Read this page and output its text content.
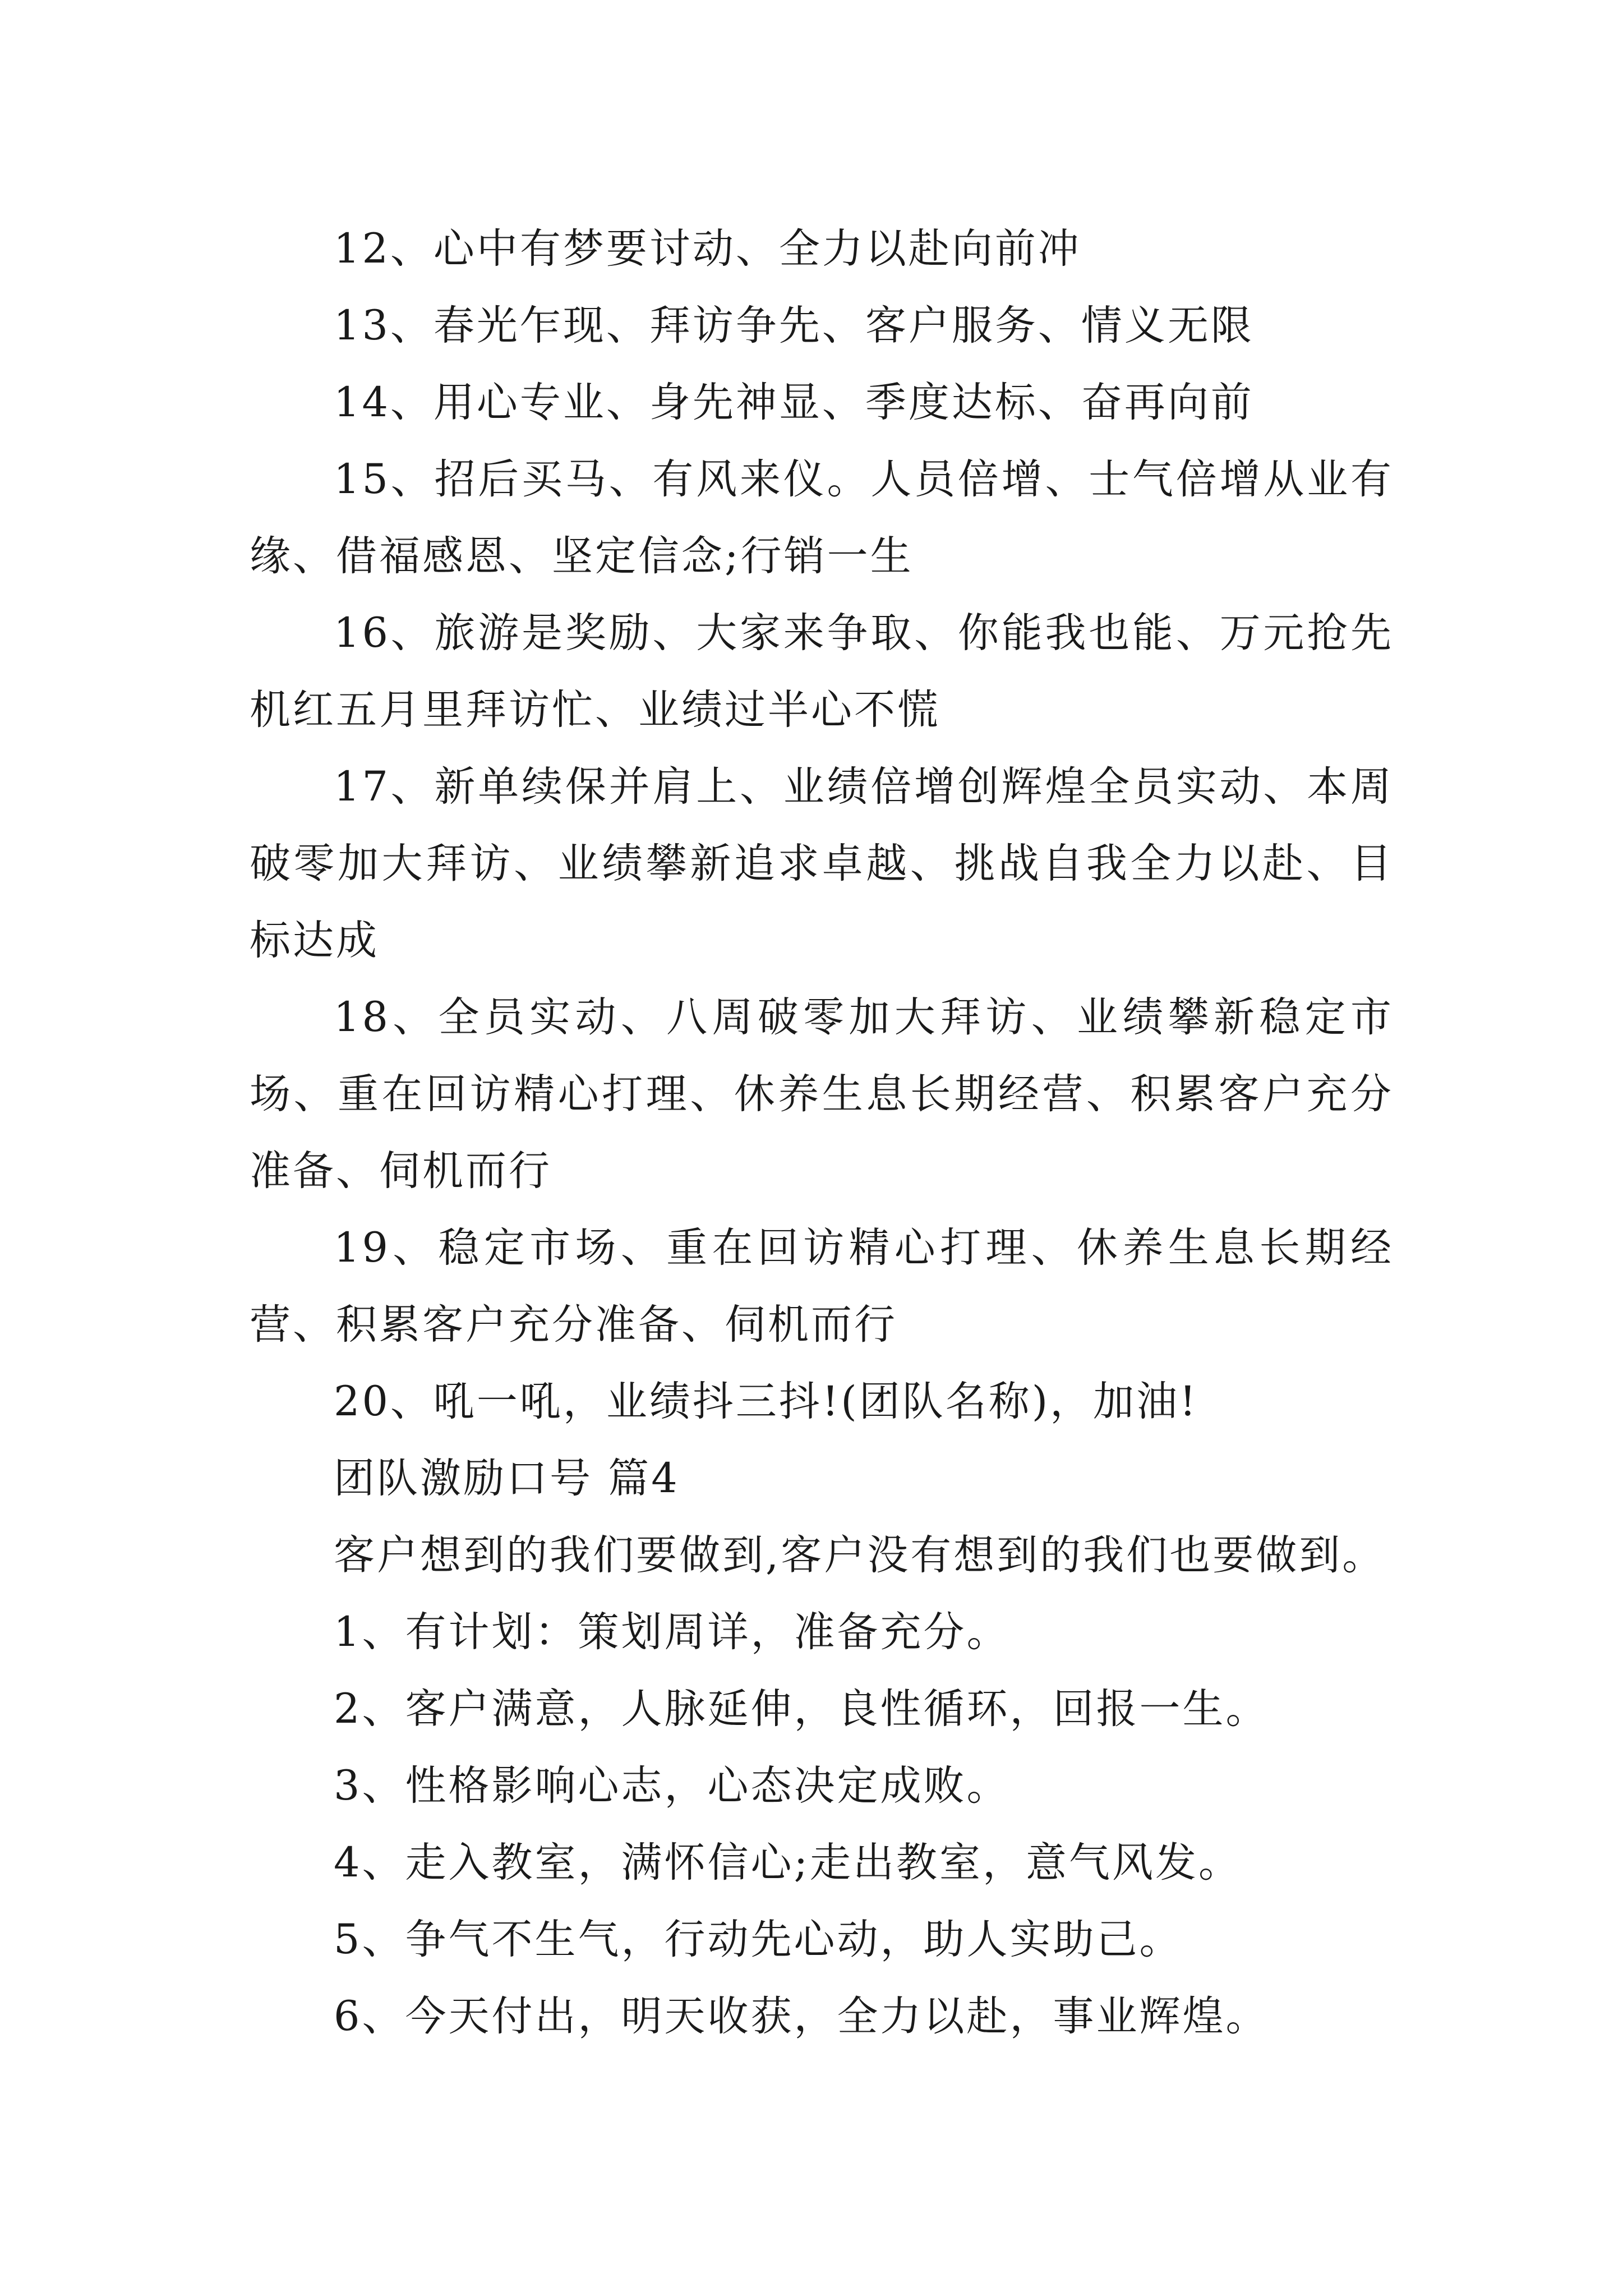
12、心中有梦要讨动、全力以赴向前冲

13、春光乍现、拜访争先、客户服务、情义无限

14、用心专业、身先神显、季度达标、奋再向前

15、招后买马、有风来仪。人员倍增、士气倍增从业有缘、借福感恩、坚定信念;行销一生

16、旅游是奖励、大家来争取、你能我也能、万元抢先机红五月里拜访忙、业绩过半心不慌

17、新单续保并肩上、业绩倍增创辉煌全员实动、本周破零加大拜访、业绩攀新追求卓越、挑战自我全力以赴、目标达成

18、全员实动、八周破零加大拜访、业绩攀新稳定市场、重在回访精心打理、休养生息长期经营、积累客户充分准备、伺机而行

19、稳定市场、重在回访精心打理、休养生息长期经营、积累客户充分准备、伺机而行

20、吼一吼，业绩抖三抖!(团队名称)，加油!

团队激励口号 篇4

客户想到的我们要做到,客户没有想到的我们也要做到。

1、有计划：策划周详，准备充分。

2、客户满意，人脉延伸，良性循环，回报一生。

3、性格影响心志，心态决定成败。

4、走入教室，满怀信心;走出教室，意气风发。

5、争气不生气，行动先心动，助人实助己。

6、今天付出，明天收获，全力以赴，事业辉煌。
